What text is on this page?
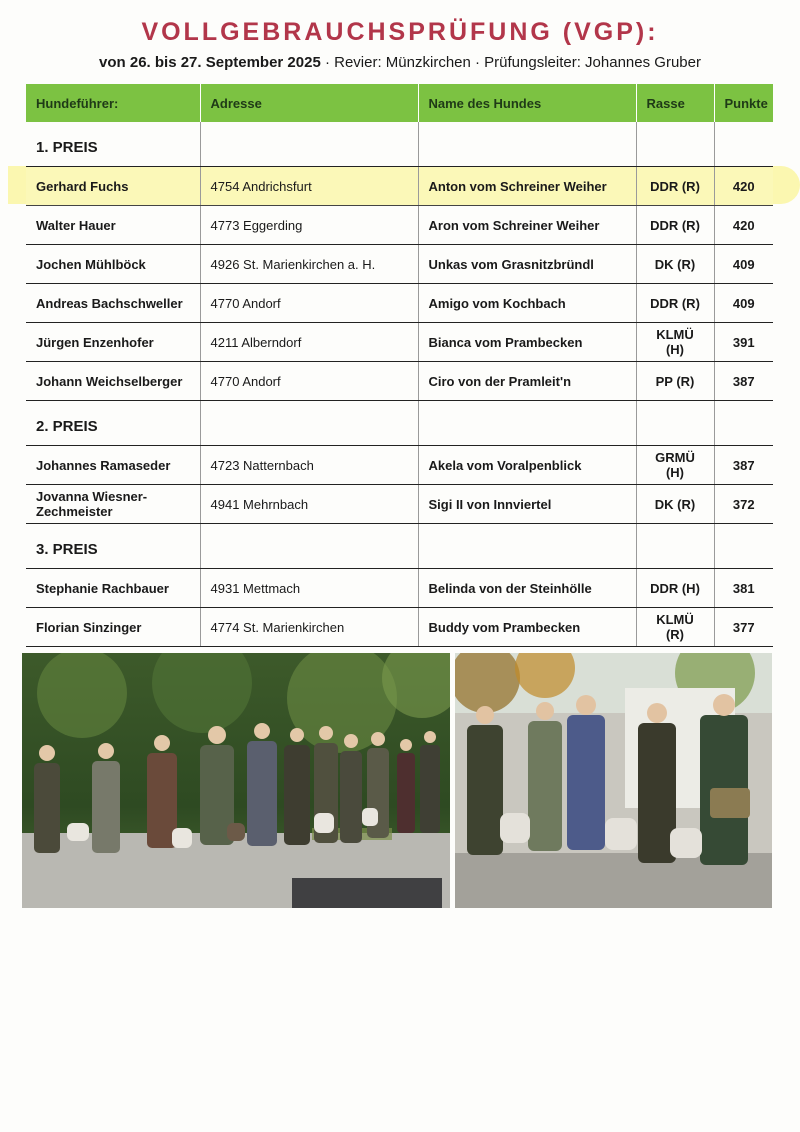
VOLLGEBRAUCHSPRÜFUNG (VGP):
von 26. bis 27. September 2025 · Revier: Münzkirchen · Prüfungsleiter: Johannes Gruber
Hundeführer:	Adresse	Name des Hundes	Rasse	Punkte
1. PREIS				
Gerhard Fuchs	4754 Andrichsfurt	Anton vom Schreiner Weiher	DDR (R)	420
Walter Hauer	4773 Eggerding	Aron vom Schreiner Weiher	DDR (R)	420
Jochen Mühlböck	4926 St. Marienkirchen a. H.	Unkas vom Grasnitzbründl	DK (R)	409
Andreas Bachschweller	4770 Andorf	Amigo vom Kochbach	DDR (R)	409
Jürgen Enzenhofer	4211 Alberndorf	Bianca vom Prambecken	KLMÜ (H)	391
Johann Weichselberger	4770 Andorf	Ciro von der Pramleit'n	PP (R)	387
2. PREIS				
Johannes Ramaseder	4723 Natternbach	Akela vom Voralpenblick	GRMÜ (H)	387
Jovanna Wiesner-Zechmeister	4941 Mehrnbach	Sigi II von Innviertel	DK (R)	372
3. PREIS				
Stephanie Rachbauer	4931 Mettmach	Belinda von der Steinhölle	DDR (H)	381
Florian Sinzinger	4774 St. Marienkirchen	Buddy vom Prambecken	KLMÜ (R)	377
